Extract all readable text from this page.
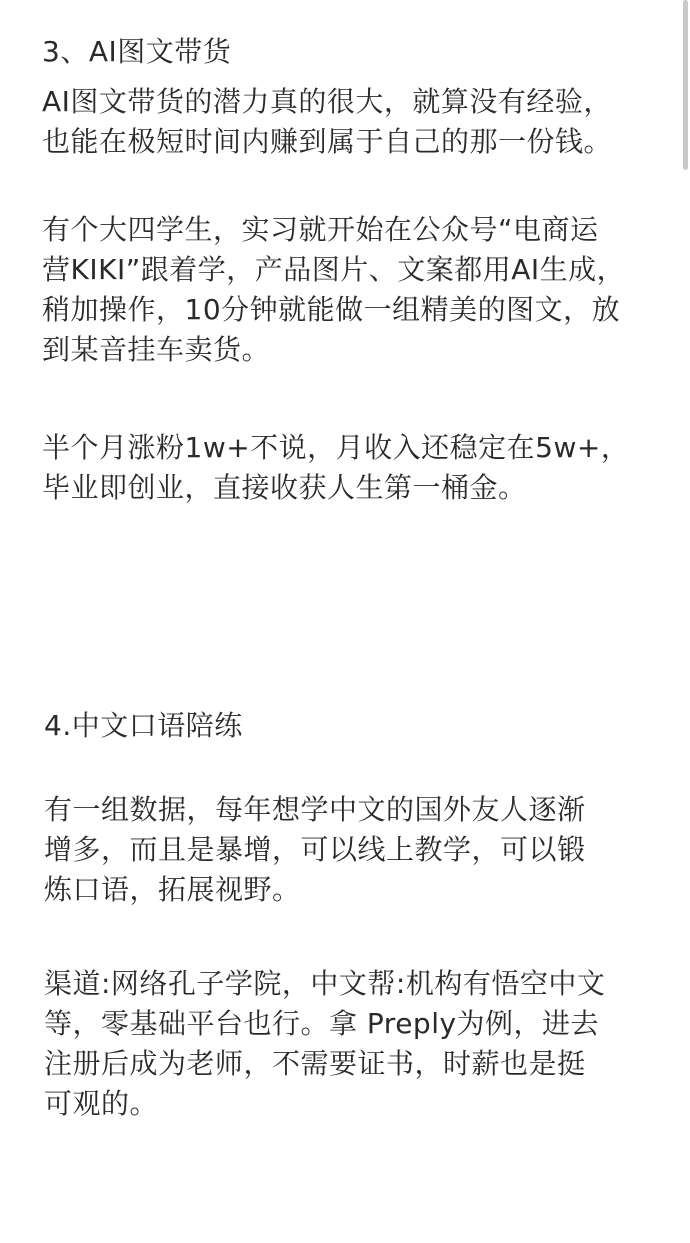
3、AI图文带货
AI图文带货的潜力真的很大，就算没有经验，
也能在极短时间内赚到属于自己的那一份钱。
有个大四学生，实习就开始在公众号“电商运
营KIKI”跟着学，产品图片、文案都用AI生成，
稍加操作，10分钟就能做一组精美的图文，放
到某音挂车卖货。
半个月涨粉1w+不说，月收入还稳定在5w+，
毕业即创业，直接收获人生第一桶金。
4.中文口语陪练
有一组数据，每年想学中文的国外友人逐渐
增多，而且是暴增，可以线上教学，可以锻
炼口语，拓展视野。
渠道:网络孔子学院，中文帮:机构有悟空中文
等，零基础平台也行。拿 Preply为例，进去
注册后成为老师，不需要证书，时薪也是挺
可观的。
